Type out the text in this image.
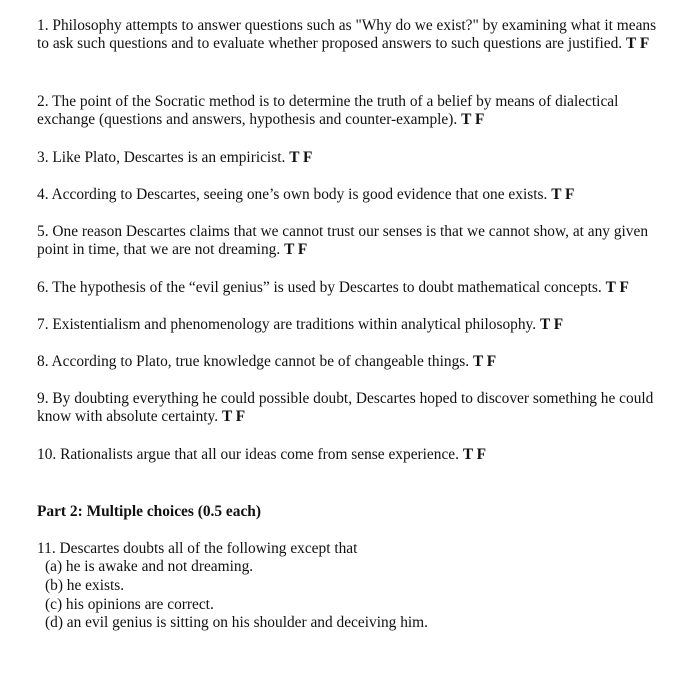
1. Philosophy attempts to answer questions such as "Why do we exist?" by examining what it means to ask such questions and to evaluate whether proposed answers to such questions are justified. T F

2. The point of the Socratic method is to determine the truth of a belief by means of dialectical exchange (questions and answers, hypothesis and counter-example). T F

3. Like Plato, Descartes is an empiricist. T F

4. According to Descartes, seeing one’s own body is good evidence that one exists. T F

5. One reason Descartes claims that we cannot trust our senses is that we cannot show, at any given point in time, that we are not dreaming. T F

6. The hypothesis of the “evil genius” is used by Descartes to doubt mathematical concepts. T F

7. Existentialism and phenomenology are traditions within analytical philosophy. T F

8. According to Plato, true knowledge cannot be of changeable things. T F

9. By doubting everything he could possible doubt, Descartes hoped to discover something he could know with absolute certainty. T F

10. Rationalists argue that all our ideas come from sense experience. T F

Part 2: Multiple choices (0.5 each)

11. Descartes doubts all of the following except that

(a) he is awake and not dreaming.

(b) he exists.

(c) his opinions are correct.

(d) an evil genius is sitting on his shoulder and deceiving him.
